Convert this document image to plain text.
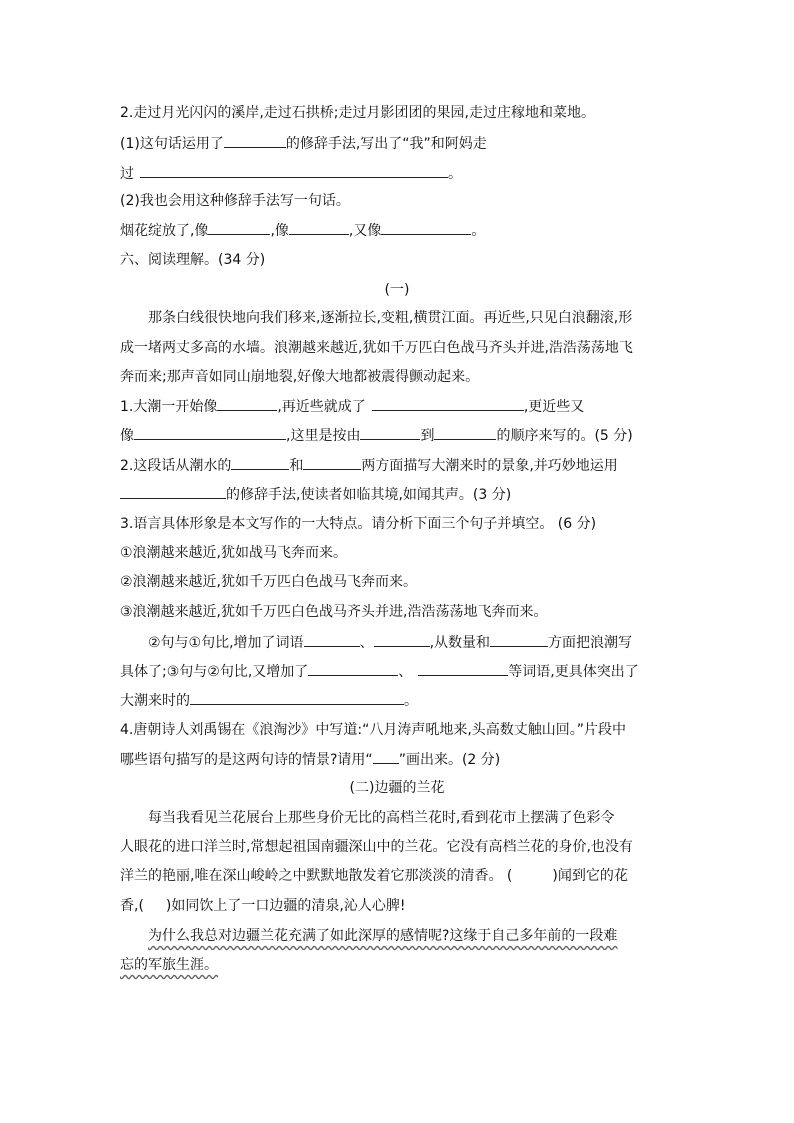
2.走过月光闪闪的溪岸,走过石拱桥;走过月影团团的果园,走过庄稼地和菜地。
(1)这句话运用了	的修辞手法,写出了“我”和阿妈走
过	。
(2)我也会用这种修辞手法写一句话。
烟花绽放了,像	,像	,又像	。
六、阅读理解。(34 分)
(一)
那条白线很快地向我们移来,逐渐拉长,变粗,横贯江面。再近些,只见白浪翻滚,形
成一堵两丈多高的水墙。浪潮越来越近,犹如千万匹白色战马齐头并进,浩浩荡荡地飞
奔而来;那声音如同山崩地裂,好像大地都被震得颤动起来。
1.大潮一开始像	,再近些就成了	,更近些又
像	,这里是按由	到	的顺序来写的。(5 分)
2.这段话从潮水的	和	两方面描写大潮来时的景象,并巧妙地运用
的修辞手法,使读者如临其境,如闻其声。(3 分)
3.语言具体形象是本文写作的一大特点。请分析下面三个句子并填空。 (6 分)
①浪潮越来越近,犹如战马飞奔而来。
②浪潮越来越近,犹如千万匹白色战马飞奔而来。
③浪潮越来越近,犹如千万匹白色战马齐头并进,浩浩荡荡地飞奔而来。
②句与①句比,增加了词语	、	,从数量和	方面把浪潮写
具体了;③句与②句比,又增加了	、	等词语,更具体突出了
大潮来时的	。
4.唐朝诗人刘禹锡在《浪淘沙》中写道:“八月涛声吼地来,头高数丈触山回。”片段中
哪些语句描写的是这两句诗的情景?请用“ ”画出来。(2 分)
(二)边疆的兰花
每当我看见兰花展台上那些身价无比的高档兰花时,看到花市上摆满了色彩令
人眼花的进口洋兰时,常想起祖国南疆深山中的兰花。它没有高档兰花的身价,也没有
洋兰的艳丽,唯在深山峻岭之中默默地散发着它那淡淡的清香。 (	)闻到它的花
香,( )如同饮上了一口边疆的清泉,沁人心脾!
为什么我总对边疆兰花充满了如此深厚的感情呢?这缘于自己多年前的一段难
忘的军旅生涯。
